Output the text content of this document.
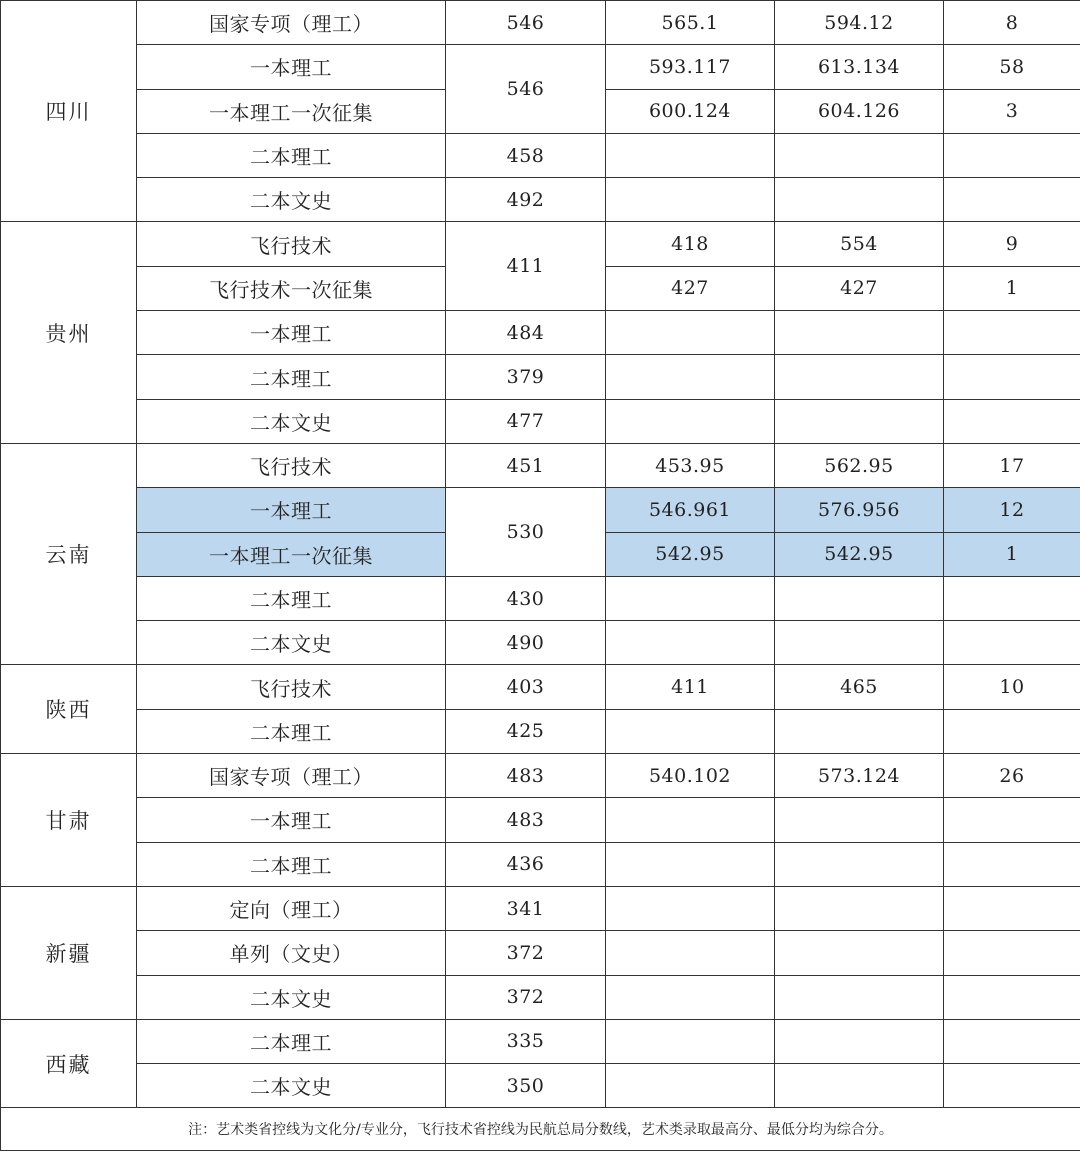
四川	国家专项（理工）	546	565.1	594.12	8
	一本理工	546	593.117	613.134	58
	一本理工一次征集		600.124	604.126	3
	二本理工	458			
	二本文史	492			
贵州	飞行技术	411	418	554	9
	飞行技术一次征集		427	427	1
	一本理工	484			
	二本理工	379			
	二本文史	477			
云南	飞行技术	451	453.95	562.95	17
	一本理工	530	546.961	576.956	12
	一本理工一次征集		542.95	542.95	1
	二本理工	430			
	二本文史	490			
陕西	飞行技术	403	411	465	10
	二本理工	425			
甘肃	国家专项（理工）	483	540.102	573.124	26
	一本理工	483			
	二本理工	436			
新疆	定向（理工）	341			
	单列（文史）	372			
	二本文史	372			
西藏	二本理工	335			
	二本文史	350			
注：艺术类省控线为文化分/专业分，飞行技术省控线为民航总局分数线，艺术类录取最高分、最低分均为综合分。					
